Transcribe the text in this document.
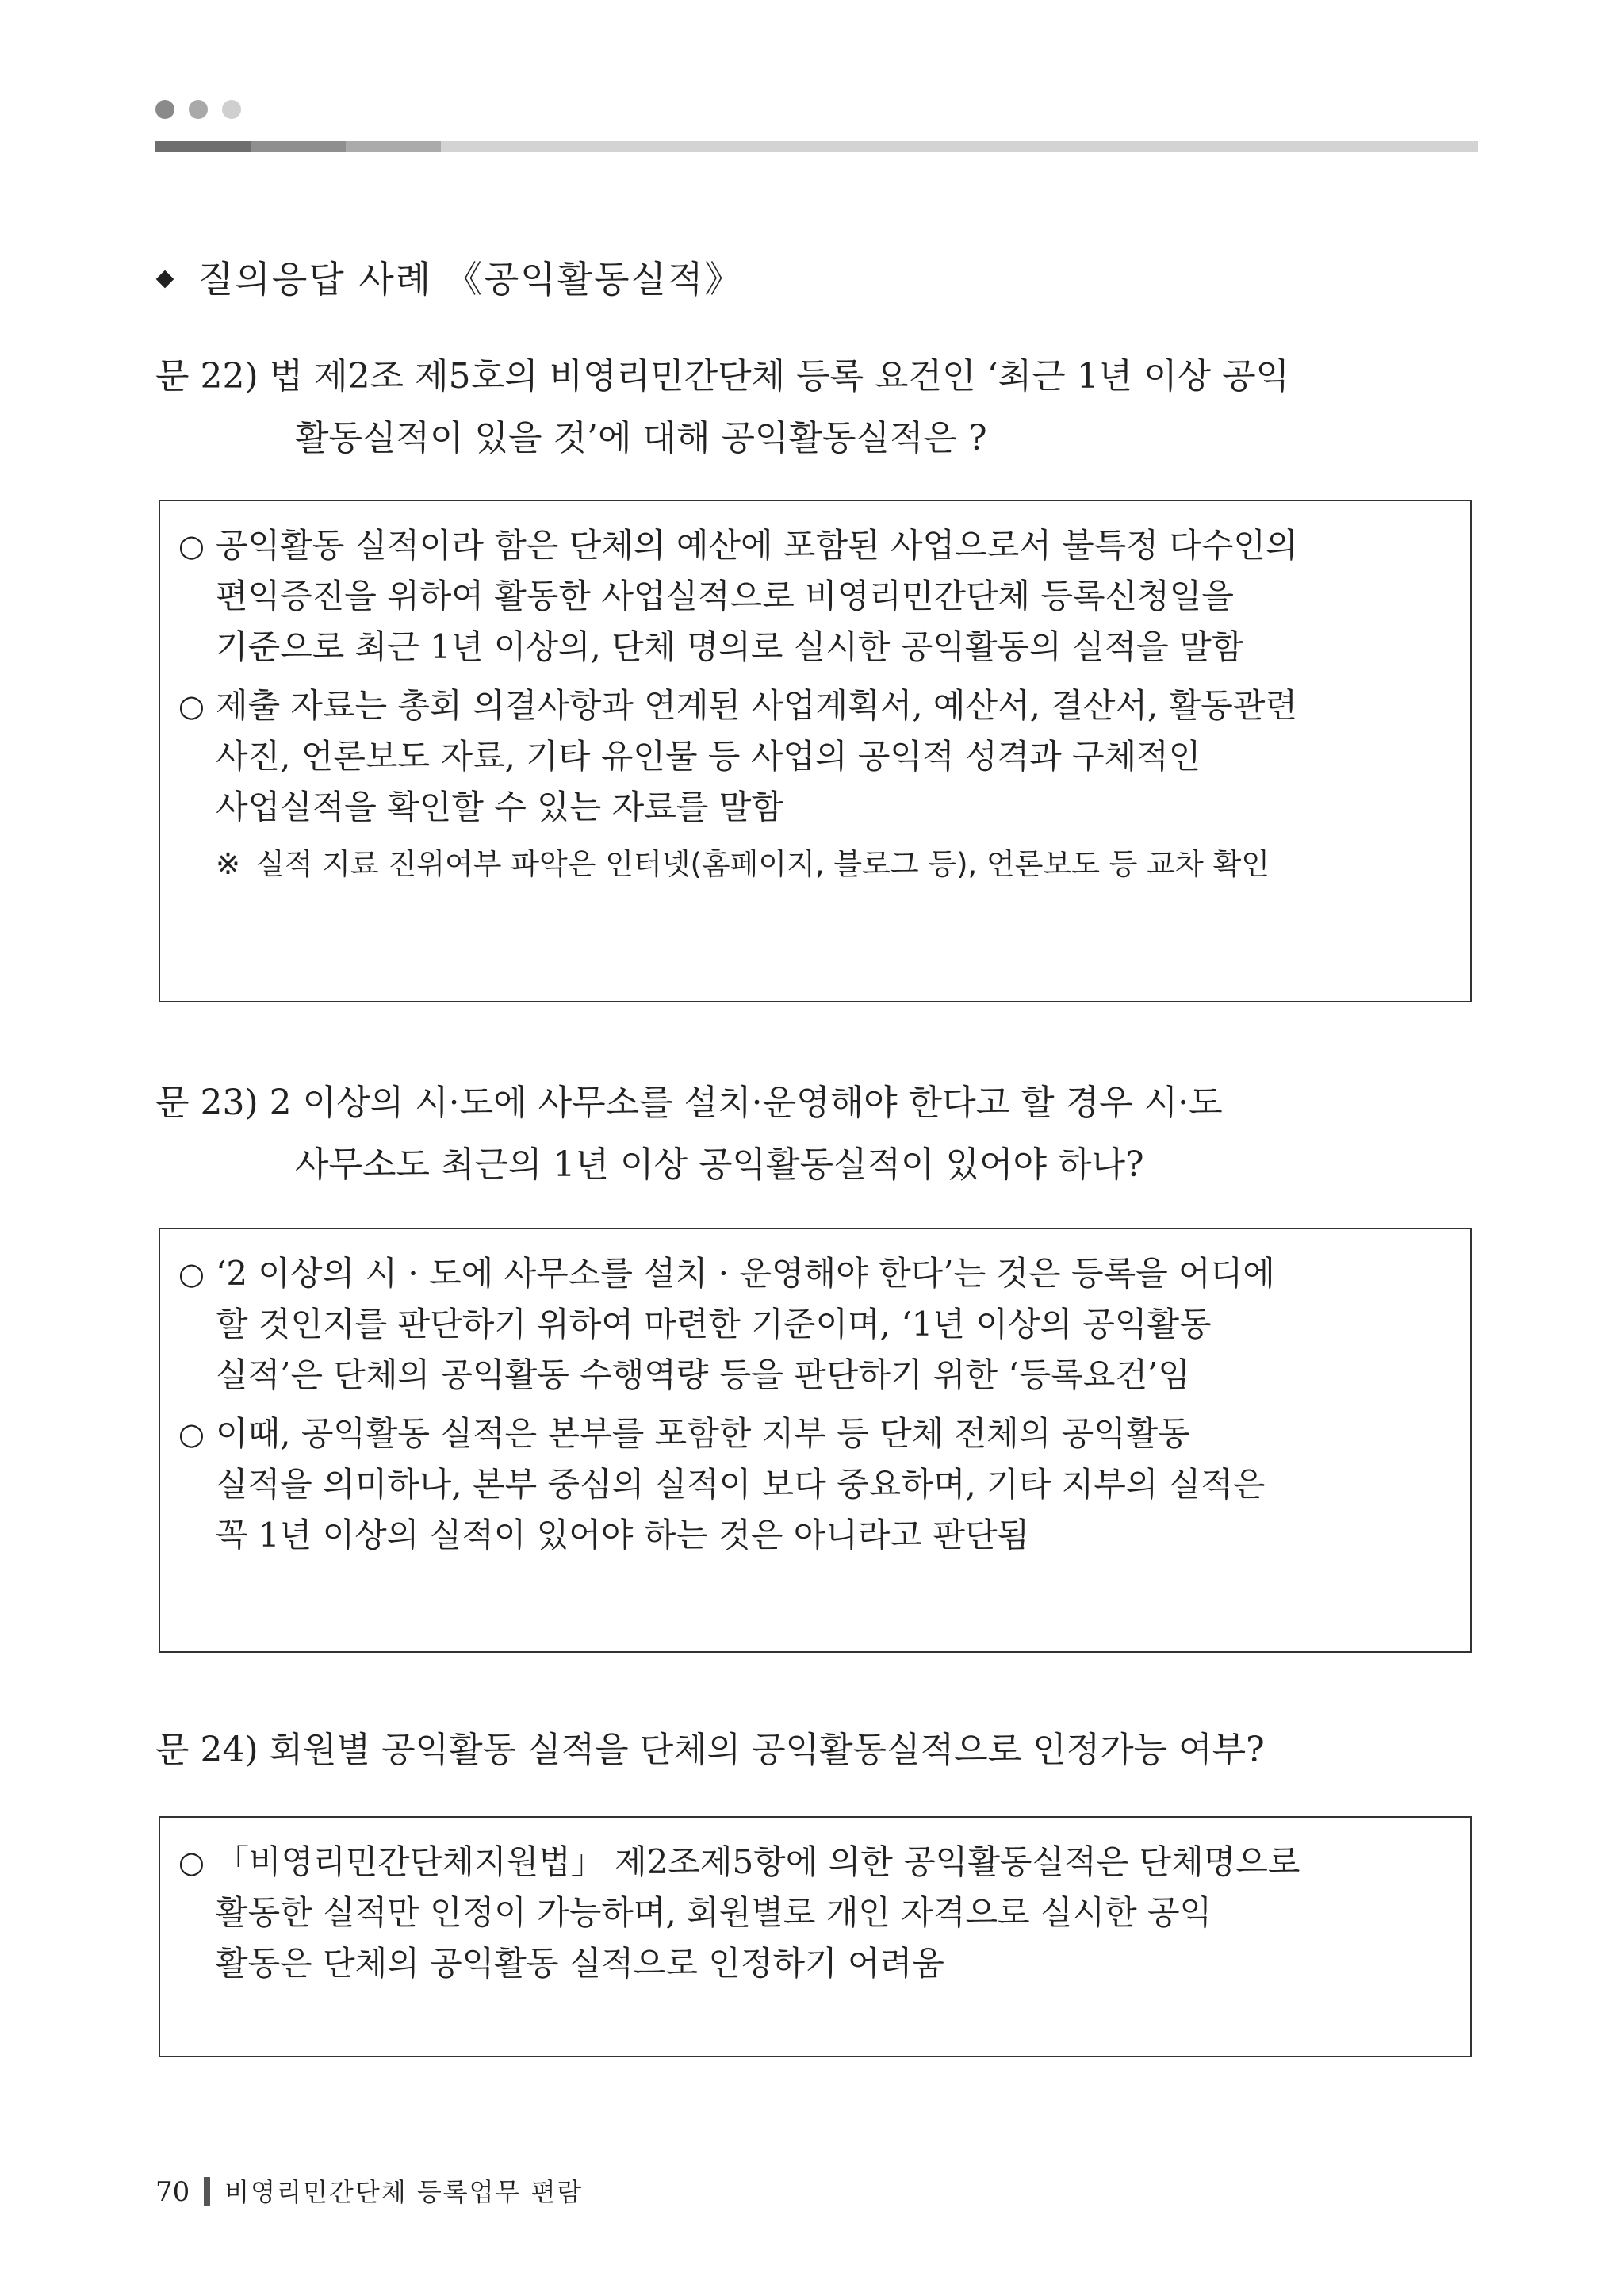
질의응답 사례 《공익활동실적》
문 22) 법 제2조 제5호의 비영리민간단체 등록 요건인 ‘최근 1년 이상 공익
활동실적이 있을 것’에 대해 공익활동실적은 ?
○ 공익활동 실적이라 함은 단체의 예산에 포함된 사업으로서 불특정 다수인의
편익증진을 위하여 활동한 사업실적으로 비영리민간단체 등록신청일을
기준으로 최근 1년 이상의, 단체 명의로 실시한 공익활동의 실적을 말함
○ 제출 자료는 총회 의결사항과 연계된 사업계획서, 예산서, 결산서, 활동관련
사진, 언론보도 자료, 기타 유인물 등 사업의 공익적 성격과 구체적인
사업실적을 확인할 수 있는 자료를 말함
※ 실적 지료 진위여부 파악은 인터넷(홈페이지, 블로그 등), 언론보도 등 교차 확인
문 23) 2 이상의 시·도에 사무소를 설치·운영해야 한다고 할 경우 시·도
사무소도 최근의 1년 이상 공익활동실적이 있어야 하나?
○ ‘2 이상의 시 · 도에 사무소를 설치 · 운영해야 한다’는 것은 등록을 어디에
할 것인지를 판단하기 위하여 마련한 기준이며, ‘1년 이상의 공익활동
실적’은 단체의 공익활동 수행역량 등을 판단하기 위한 ‘등록요건’임
○ 이때, 공익활동 실적은 본부를 포함한 지부 등 단체 전체의 공익활동
실적을 의미하나, 본부 중심의 실적이 보다 중요하며, 기타 지부의 실적은
꼭 1년 이상의 실적이 있어야 하는 것은 아니라고 판단됨
문 24) 회원별 공익활동 실적을 단체의 공익활동실적으로 인정가능 여부?
○ 「비영리민간단체지원법」 제2조제5항에 의한 공익활동실적은 단체명으로
활동한 실적만 인정이 가능하며, 회원별로 개인 자격으로 실시한 공익
활동은 단체의 공익활동 실적으로 인정하기 어려움
70 비영리민간단체 등록업무 편람
